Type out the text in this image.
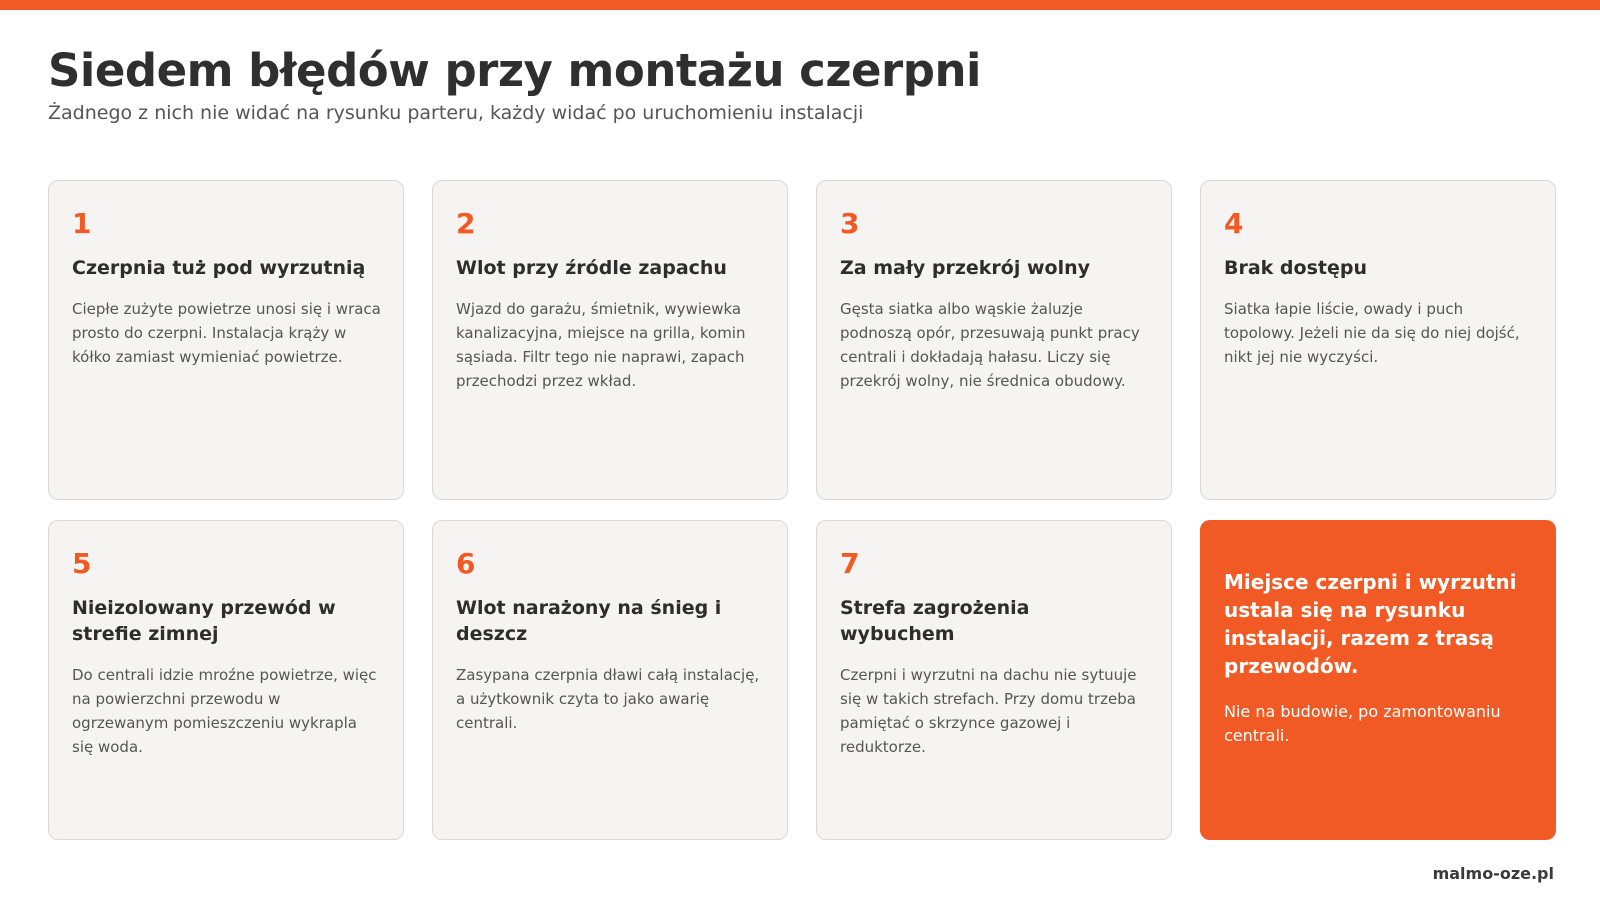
Siedem błędów przy montażu czerpni

Żadnego z nich nie widać na rysunku parteru, każdy widać po uruchomieniu instalacji

1
Czerpnia tuż pod wyrzutnią

Ciepłe zużyte powietrze unosi się i wraca prosto do czerpni. Instalacja krąży w kółko zamiast wymieniać powietrze.

2
Wlot przy źródle zapachu

Wjazd do garażu, śmietnik, wywiewka kanalizacyjna, miejsce na grilla, komin sąsiada. Filtr tego nie naprawi, zapach przechodzi przez wkład.

3
Za mały przekrój wolny

Gęsta siatka albo wąskie żaluzje podnoszą opór, przesuwają punkt pracy centrali i dokładają hałasu. Liczy się przekrój wolny, nie średnica obudowy.

4
Brak dostępu

Siatka łapie liście, owady i puch topolowy. Jeżeli nie da się do niej dojść, nikt jej nie wyczyści.

5
Nieizolowany przewód w strefie zimnej

Do centrali idzie mroźne powietrze, więc na powierzchni przewodu w ogrzewanym pomieszczeniu wykrapla się woda.

6
Wlot narażony na śnieg i deszcz

Zasypana czerpnia dławi całą instalację, a użytkownik czyta to jako awarię centrali.

7
Strefa zagrożenia wybuchem

Czerpni i wyrzutni na dachu nie sytuuje się w takich strefach. Przy domu trzeba pamiętać o skrzynce gazowej i reduktorze.

Miejsce czerpni i wyrzutni ustala się na rysunku instalacji, razem z trasą przewodów.

Nie na budowie, po zamontowaniu centrali.

malmo-oze.pl
